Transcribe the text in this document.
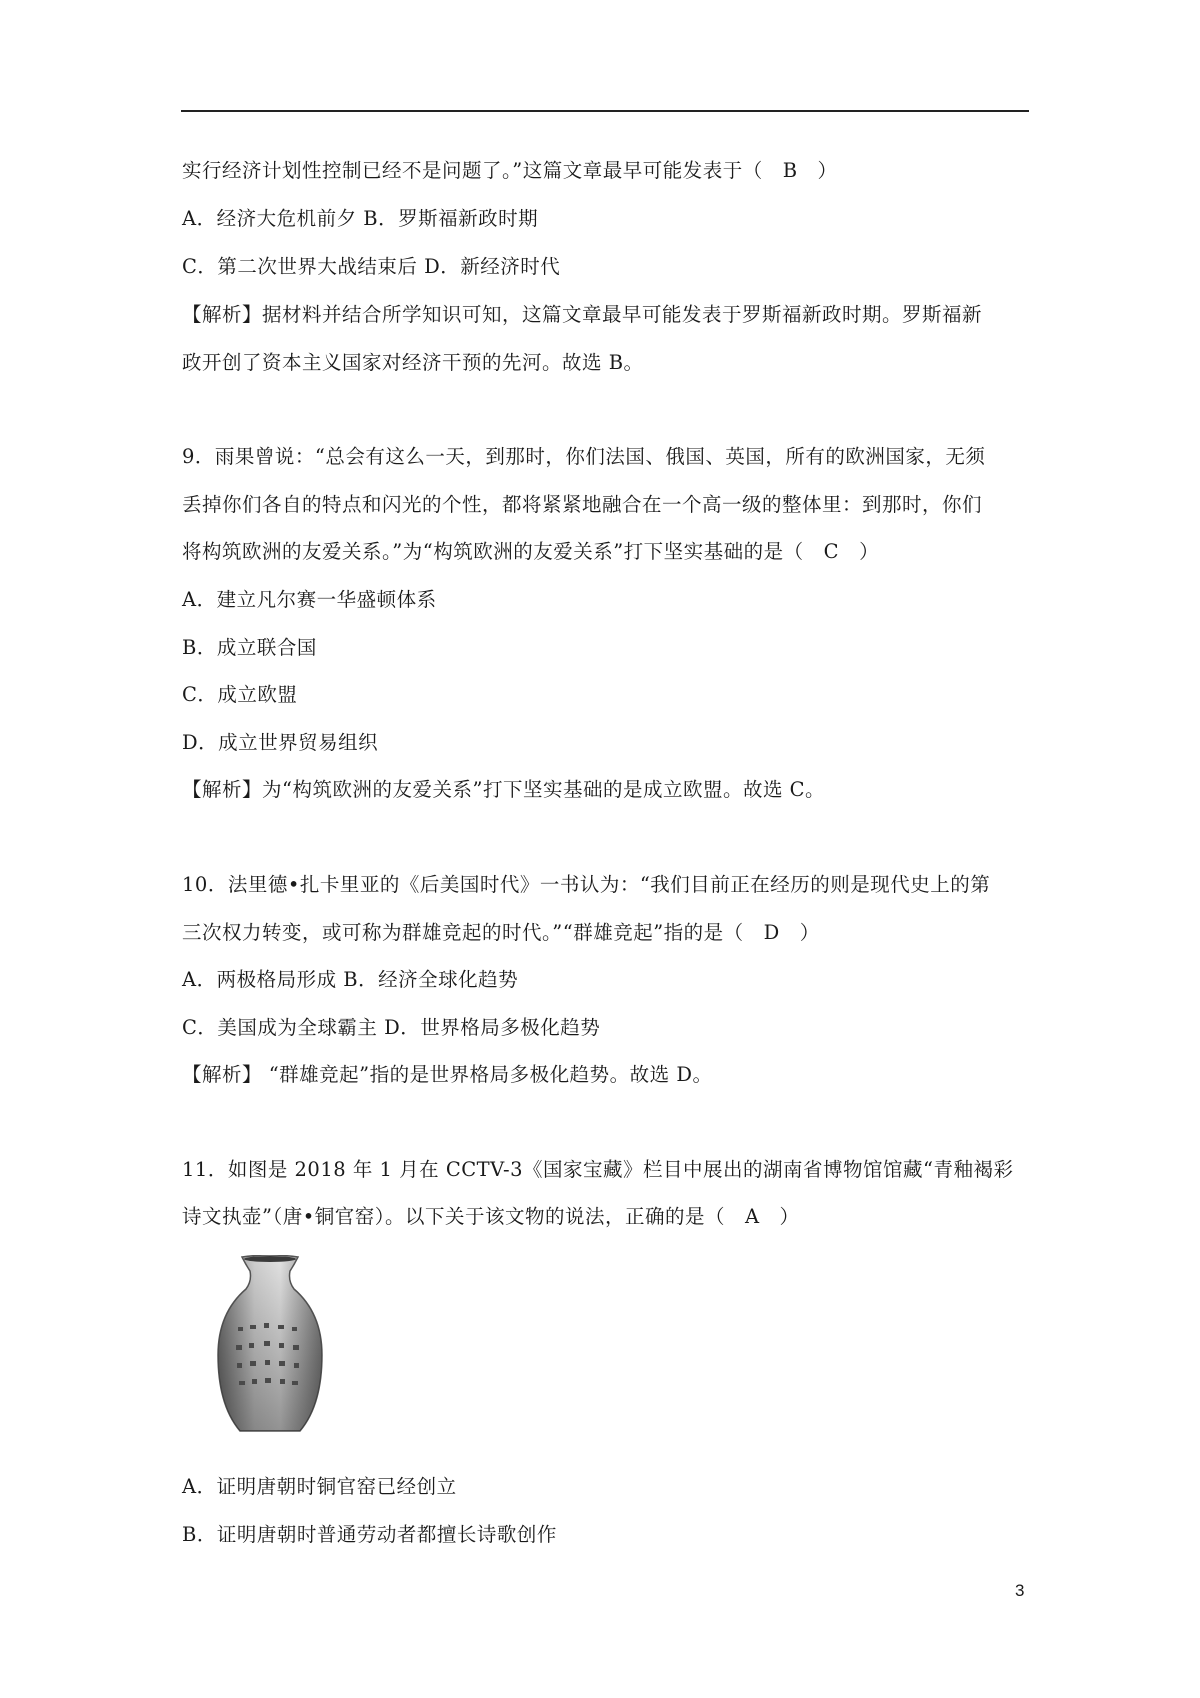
实行经济计划性控制已经不是问题了。”这篇文章最早可能发表于（　B　）
A．经济大危机前夕 B．罗斯福新政时期
C．第二次世界大战结束后 D．新经济时代
【解析】据材料并结合所学知识可知，这篇文章最早可能发表于罗斯福新政时期。罗斯福新
政开创了资本主义国家对经济干预的先河。故选 B。
9．雨果曾说：“总会有这么一天，到那时，你们法国、俄国、英国，所有的欧洲国家，无须
丢掉你们各自的特点和闪光的个性，都将紧紧地融合在一个高一级的整体里：到那时，你们
将构筑欧洲的友爱关系。”为“构筑欧洲的友爱关系”打下坚实基础的是（　C　）
A．建立凡尔赛一华盛顿体系
B．成立联合国
C．成立欧盟
D．成立世界贸易组织
【解析】为“构筑欧洲的友爱关系”打下坚实基础的是成立欧盟。故选 C。
10．法里德•扎卡里亚的《后美国时代》一书认为：“我们目前正在经历的则是现代史上的第
三次权力转变，或可称为群雄竞起的时代。”“群雄竞起”指的是（　D　）
A．两极格局形成 B．经济全球化趋势
C．美国成为全球霸主 D．世界格局多极化趋势
【解析】 “群雄竞起”指的是世界格局多极化趋势。故选 D。
11．如图是 2018 年 1 月在 CCTV-3《国家宝藏》栏目中展出的湖南省博物馆馆藏“青釉褐彩
诗文执壶”（唐•铜官窑）。以下关于该文物的说法，正确的是（　A　）
A．证明唐朝时铜官窑已经创立
B．证明唐朝时普通劳动者都擅长诗歌创作
3
